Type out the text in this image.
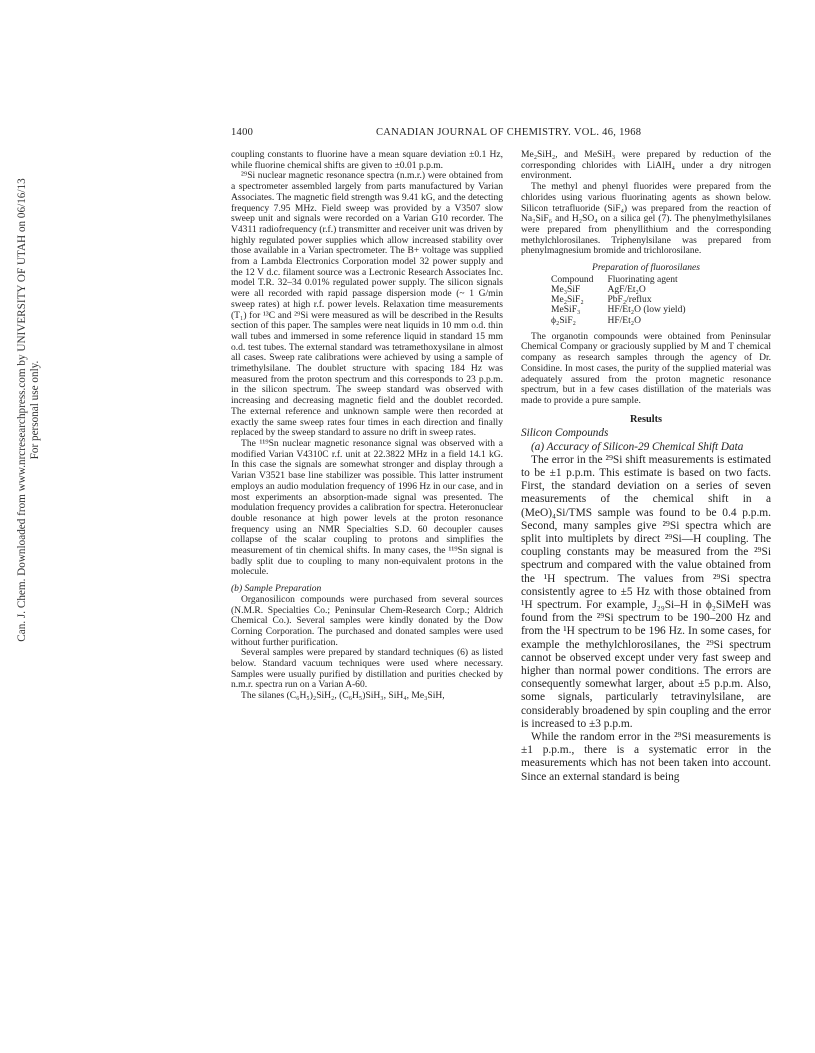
Can. J. Chem. Downloaded from www.nrcresearchpress.com by UNIVERSITY OF UTAH on 06/16/13 For personal use only.
1400	CANADIAN JOURNAL OF CHEMISTRY. VOL. 46, 1968

coupling constants to fluorine have a mean square deviation ±0.1 Hz, while fluorine chemical shifts are given to ±0.01 p.p.m.

²⁹Si nuclear magnetic resonance spectra (n.m.r.) were obtained from a spectrometer assembled largely from parts manufactured by Varian Associates. The magnetic field strength was 9.41 kG, and the detecting frequency 7.95 MHz. Field sweep was provided by a V3507 slow sweep unit and signals were recorded on a Varian G10 recorder. The V4311 radiofrequency (r.f.) transmitter and receiver unit was driven by highly regulated power supplies which allow increased stability over those available in a Varian spectrometer. The B+ voltage was supplied from a Lambda Electronics Corporation model 32 power supply and the 12 V d.c. filament source was a Lectronic Research Associates Inc. model T.R. 32–34 0.01% regulated power supply. The silicon signals were all recorded with rapid passage dispersion mode (~ 1 G/min sweep rates) at high r.f. power levels. Relaxation time measurements (T₁) for ¹³C and ²⁹Si were measured as will be described in the Results section of this paper. The samples were neat liquids in 10 mm o.d. thin wall tubes and immersed in some reference liquid in standard 15 mm o.d. test tubes. The external standard was tetramethoxysilane in almost all cases. Sweep rate calibrations were achieved by using a sample of trimethylsilane. The doublet structure with spacing 184 Hz was measured from the proton spectrum and this corresponds to 23 p.p.m. in the silicon spectrum. The sweep standard was observed with increasing and decreasing magnetic field and the doublet recorded. The external reference and unknown sample were then recorded at exactly the same sweep rates four times in each direction and finally replaced by the sweep standard to assure no drift in sweep rates.

The ¹¹⁹Sn nuclear magnetic resonance signal was observed with a modified Varian V4310C r.f. unit at 22.3822 MHz in a field 14.1 kG. In this case the signals are somewhat stronger and display through a Varian V3521 base line stabilizer was possible. This latter instrument employs an audio modulation frequency of 1996 Hz in our case, and in most experiments an absorption-made signal was presented. The modulation frequency provides a calibration for spectra. Heteronuclear double resonance at high power levels at the proton resonance frequency using an NMR Specialties S.D. 60 decoupler causes collapse of the scalar coupling to protons and simplifies the measurement of tin chemical shifts. In many cases, the ¹¹⁹Sn signal is badly split due to coupling to many non-equivalent protons in the molecule.

(b) Sample Preparation

Organosilicon compounds were purchased from several sources (N.M.R. Specialties Co.; Peninsular Chem-Research Corp.; Aldrich Chemical Co.). Several samples were kindly donated by the Dow Corning Corporation. The purchased and donated samples were used without further purification.

Several samples were prepared by standard techniques (6) as listed below. Standard vacuum techniques were used where necessary. Samples were usually purified by distillation and purities checked by n.m.r. spectra run on a Varian A-60.

The silanes (C₆H₅)₂SiH₂, (C₆H₅)SiH₃, SiH₄, Me₃SiH,

Me₂SiH₂, and MeSiH₃ were prepared by reduction of the corresponding chlorides with LiAlH₄ under a dry nitrogen environment.

The methyl and phenyl fluorides were prepared from the chlorides using various fluorinating agents as shown below. Silicon tetrafluoride (SiF₄) was prepared from the reaction of Na₂SiF₆ and H₂SO₄ on a silica gel (7). The phenylmethylsilanes were prepared from phenyllithium and the corresponding methylchlorosilanes. Triphenylsilane was prepared from phenylmagnesium bromide and trichlorosilane.

Preparation of fluorosilanes
Compound	Fluorinating agent
Me₃SiF	AgF/Et₂O
Me₂SiF₂	PbF₂/reflux
MeSiF₃	HF/Et₂O (low yield)
ϕ₂SiF₂	HF/Et₂O

The organotin compounds were obtained from Peninsular Chemical Company or graciously supplied by M and T chemical company as research samples through the agency of Dr. Considine. In most cases, the purity of the supplied material was adequately assured from the proton magnetic resonance spectrum, but in a few cases distillation of the materials was made to provide a pure sample.

Results

Silicon Compounds

(a) Accuracy of Silicon-29 Chemical Shift Data

The error in the ²⁹Si shift measurements is estimated to be ±1 p.p.m. This estimate is based on two facts. First, the standard deviation on a series of seven measurements of the chemical shift in a (MeO)₄Si/TMS sample was found to be 0.4 p.p.m. Second, many samples give ²⁹Si spectra which are split into multiplets by direct ²⁹Si—H coupling. The coupling constants may be measured from the ²⁹Si spectrum and compared with the value obtained from the ¹H spectrum. The values from ²⁹Si spectra consistently agree to ±5 Hz with those obtained from ¹H spectrum. For example, J₂₉Si–H in ϕ₂SiMeH was found from the ²⁹Si spectrum to be 190–200 Hz and from the ¹H spectrum to be 196 Hz. In some cases, for example the methylchlorosilanes, the ²⁹Si spectrum cannot be observed except under very fast sweep and higher than normal power conditions. The errors are consequently somewhat larger, about ±5 p.p.m. Also, some signals, particularly tetravinylsilane, are considerably broadened by spin coupling and the error is increased to ±3 p.p.m.

While the random error in the ²⁹Si measurements is ±1 p.p.m., there is a systematic error in the measurements which has not been taken into account. Since an external standard is being
